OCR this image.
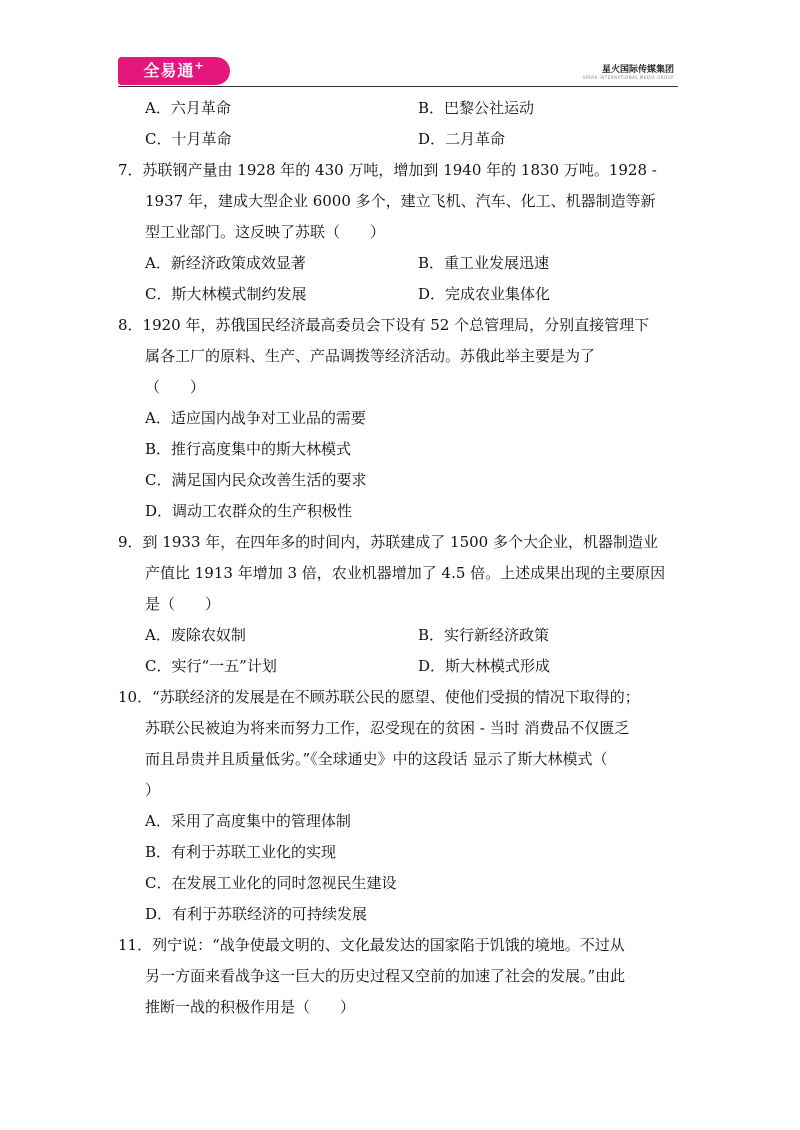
全易通+	星火国际传媒集团
SPARK INTERNATIONAL MEDIA GROUP
A．六月革命	B．巴黎公社运动
C．十月革命	D．二月革命
7．苏联钢产量由 1928 年的 430 万吨，增加到 1940 年的 1830 万吨。1928 -
1937 年，建成大型企业 6000 多个，建立飞机、汽车、化工、机器制造等新
型工业部门。这反映了苏联（　　）
A．新经济政策成效显著	B．重工业发展迅速
C．斯大林模式制约发展	D．完成农业集体化
8．1920 年，苏俄国民经济最高委员会下设有 52 个总管理局，分别直接管理下
属各工厂的原料、生产、产品调拨等经济活动。苏俄此举主要是为了
（　　）
A．适应国内战争对工业品的需要
B．推行高度集中的斯大林模式
C．满足国内民众改善生活的要求
D．调动工农群众的生产积极性
9．到 1933 年，在四年多的时间内，苏联建成了 1500 多个大企业，机器制造业
产值比 1913 年增加 3 倍，农业机器增加了 4.5 倍。上述成果出现的主要原因
是（　　）
A．废除农奴制	B．实行新经济政策
C．实行“一五”计划	D．斯大林模式形成
10．“苏联经济的发展是在不顾苏联公民的愿望、使他们受损的情况下取得的；
苏联公民被迫为将来而努力工作，忍受现在的贫困 - 当时 消费品不仅匮乏
而且昂贵并且质量低劣。”《全球通史》中的这段话 显示了斯大林模式（
）
A．采用了高度集中的管理体制
B．有利于苏联工业化的实现
C．在发展工业化的同时忽视民生建设
D．有利于苏联经济的可持续发展
11．列宁说：“战争使最文明的、文化最发达的国家陷于饥饿的境地。不过从
另一方面来看战争这一巨大的历史过程又空前的加速了社会的发展。”由此
推断一战的积极作用是（　　）
